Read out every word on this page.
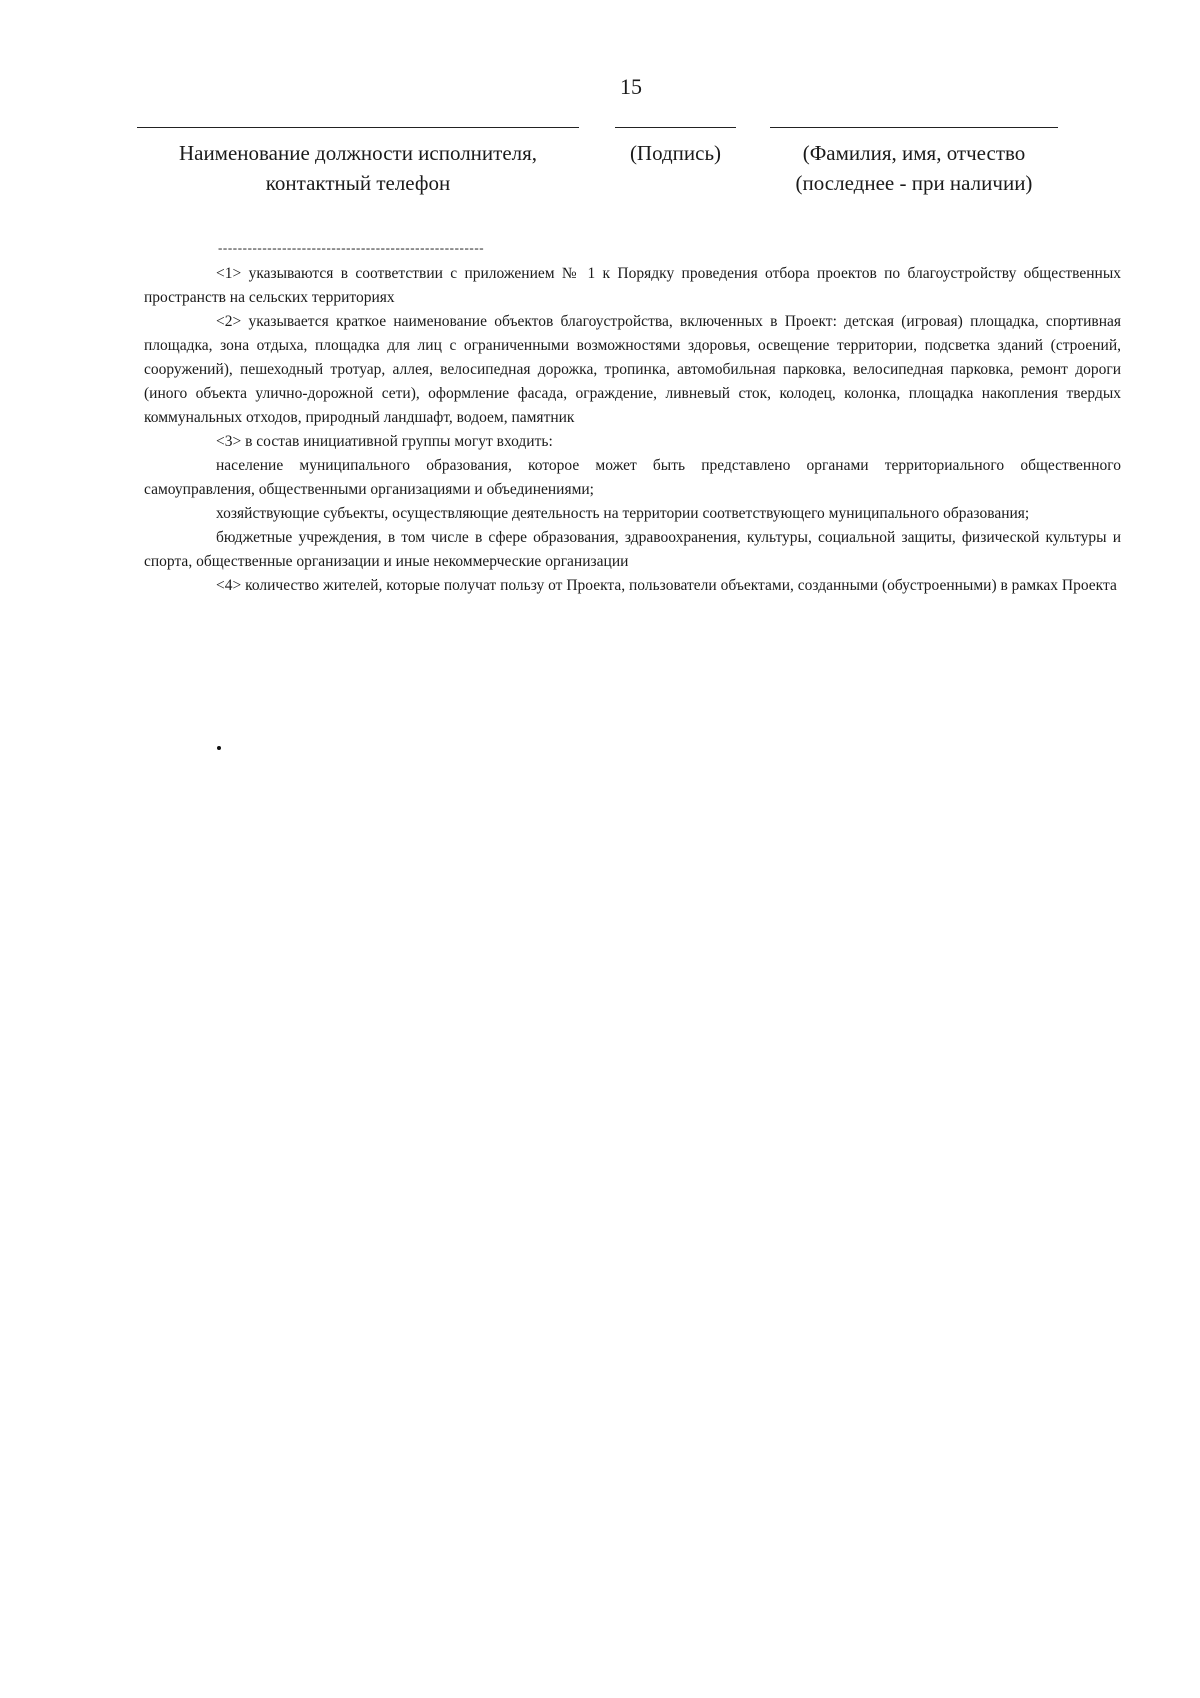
15
Наименование должности исполнителя,
контактный телефон
(Подпись)	(Фамилия, имя, отчество
(последнее - при наличии)
------------------------------------------------------

<1> указываются в соответствии с приложением № 1 к Порядку проведения отбора проектов по благоустройству общественных пространств на сельских территориях

<2> указывается краткое наименование объектов благоустройства, включенных в Проект: детская (игровая) площадка, спортивная площадка, зона отдыха, площадка для лиц с ограниченными возможностями здоровья, освещение территории, подсветка зданий (строений, сооружений), пешеходный тротуар, аллея, велосипедная дорожка, тропинка, автомобильная парковка, велосипедная парковка, ремонт дороги (иного объекта улично-дорожной сети), оформление фасада, ограждение, ливневый сток, колодец, колонка, площадка накопления твердых коммунальных отходов, природный ландшафт, водоем, памятник

<3> в состав инициативной группы могут входить:

население муниципального образования, которое может быть представлено органами территориального общественного самоуправления, общественными организациями и объединениями;

хозяйствующие субъекты, осуществляющие деятельность на территории соответствующего муниципального образования;

бюджетные учреждения, в том числе в сфере образования, здравоохранения, культуры, социальной защиты, физической культуры и спорта, общественные организации и иные некоммерческие организации

<4> количество жителей, которые получат пользу от Проекта, пользователи объектами, созданными (обустроенными) в рамках Проекта
